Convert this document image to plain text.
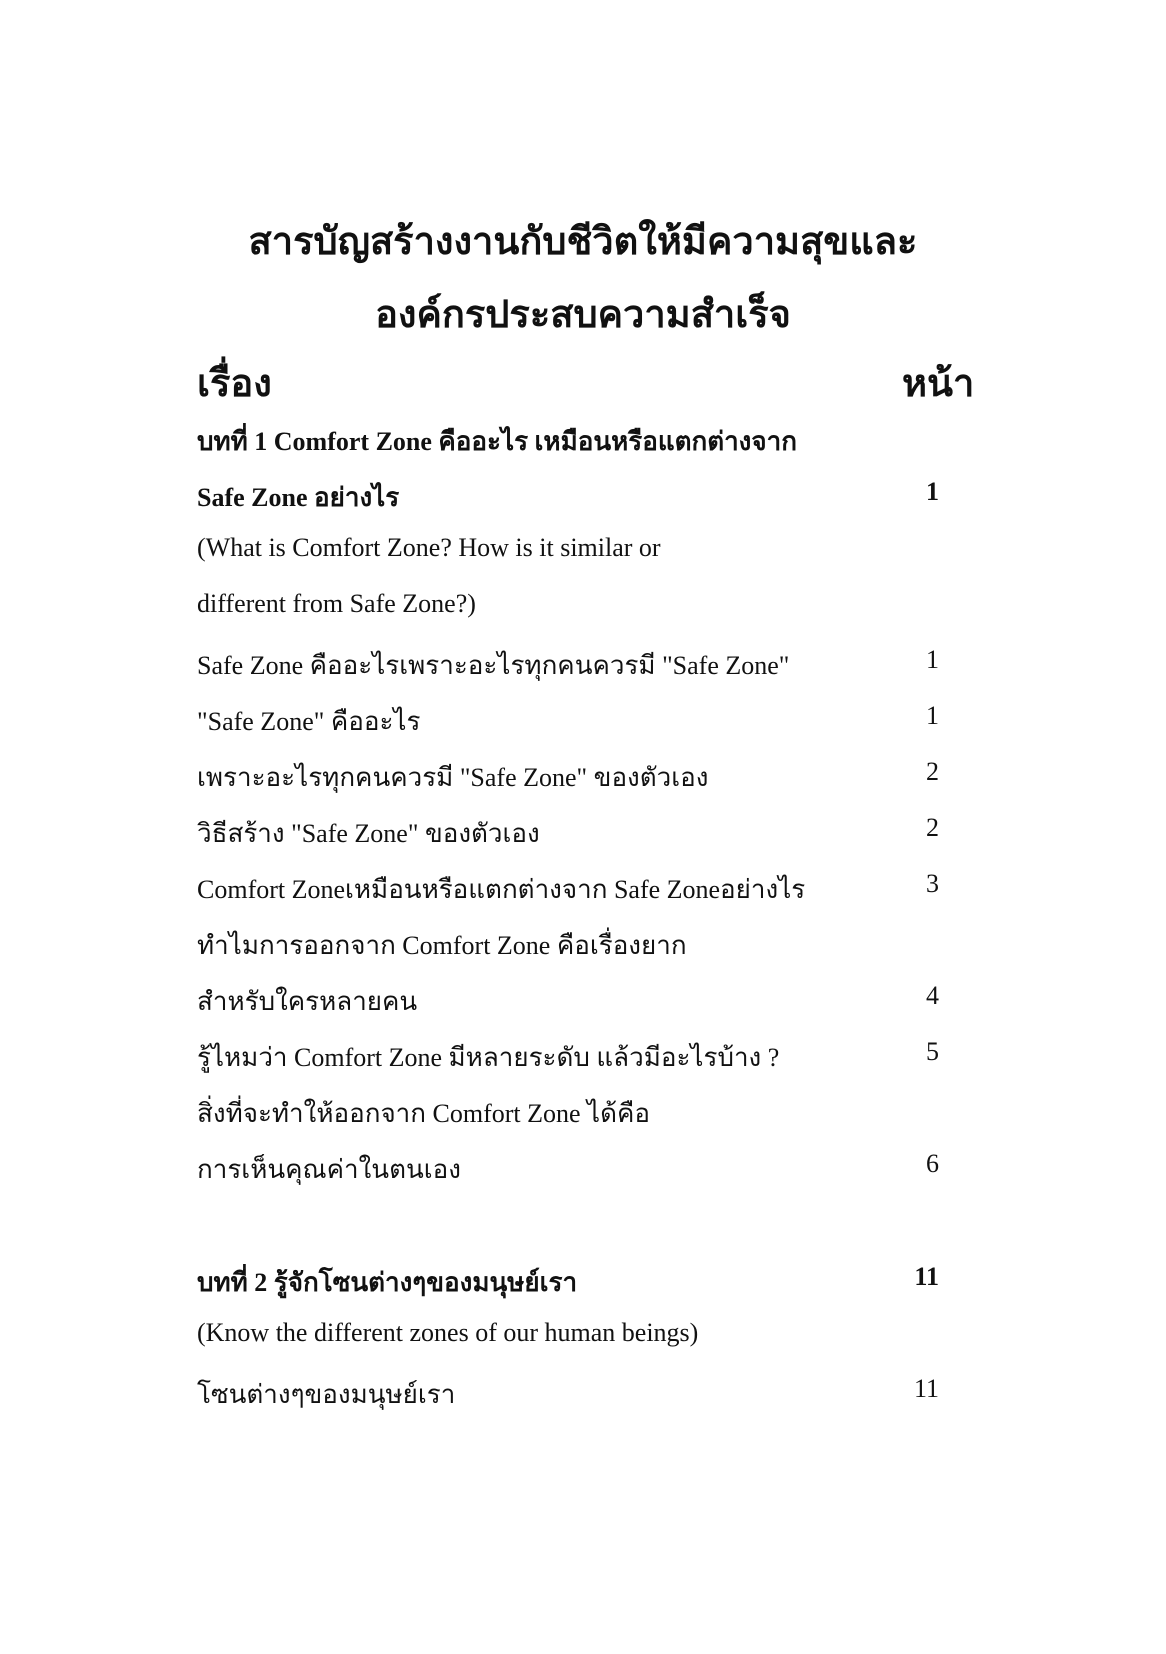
สารบัญสร้างงานกับชีวิตให้มีความสุขและ
องค์กรประสบความสำเร็จ
เรื่อง	หน้า
บทที่ 1 Comfort Zone คืออะไร เหมือนหรือแตกต่างจาก
Safe Zone อย่างไร	1
(What is Comfort Zone? How is it similar or
different from Safe Zone?)
Safe Zone คืออะไรเพราะอะไรทุกคนควรมี "Safe Zone"	1
"Safe Zone" คืออะไร	1
เพราะอะไรทุกคนควรมี "Safe Zone" ของตัวเอง	2
วิธีสร้าง "Safe Zone" ของตัวเอง	2
Comfort Zoneเหมือนหรือแตกต่างจาก Safe Zoneอย่างไร	3
ทำไมการออกจาก Comfort Zone คือเรื่องยาก
สำหรับใครหลายคน	4
รู้ไหมว่า Comfort Zone มีหลายระดับ แล้วมีอะไรบ้าง ?	5
สิ่งที่จะทำให้ออกจาก Comfort Zone ได้คือ
การเห็นคุณค่าในตนเอง	6
บทที่ 2 รู้จักโซนต่างๆของมนุษย์เรา	11
(Know the different zones of our human beings)
โซนต่างๆของมนุษย์เรา	11
